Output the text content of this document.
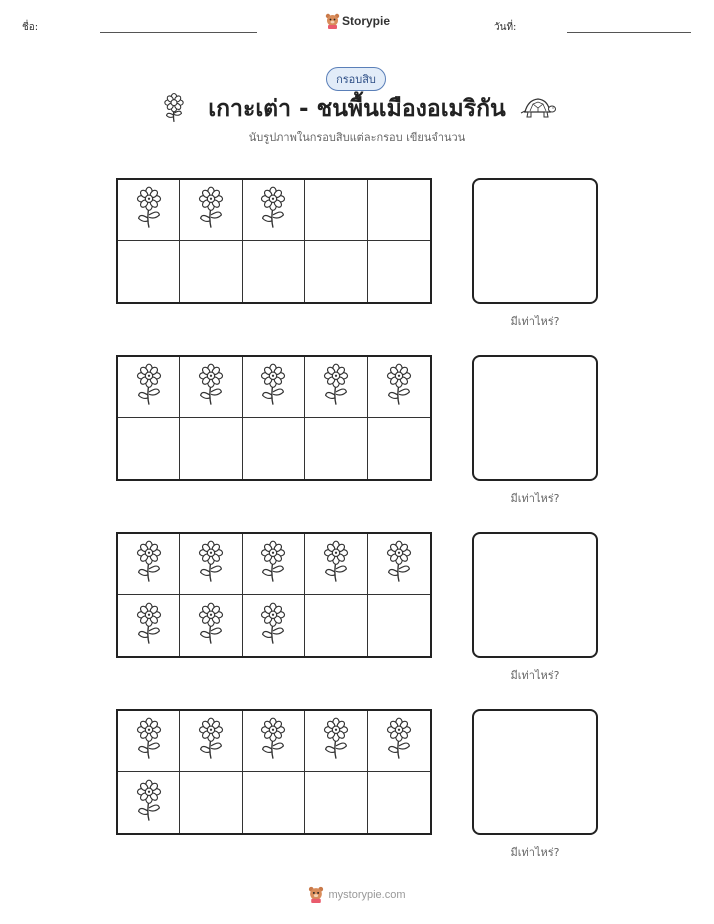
ชื่อ:	Storypie	วันที่:
กรอบสิบ
เกาะเต่า - ชนพื้นเมืองอเมริกัน
นับรูปภาพในกรอบสิบแต่ละกรอบ เขียนจำนวน
มีเท่าไหร่?
มีเท่าไหร่?
มีเท่าไหร่?
มีเท่าไหร่?
mystorypie.com
